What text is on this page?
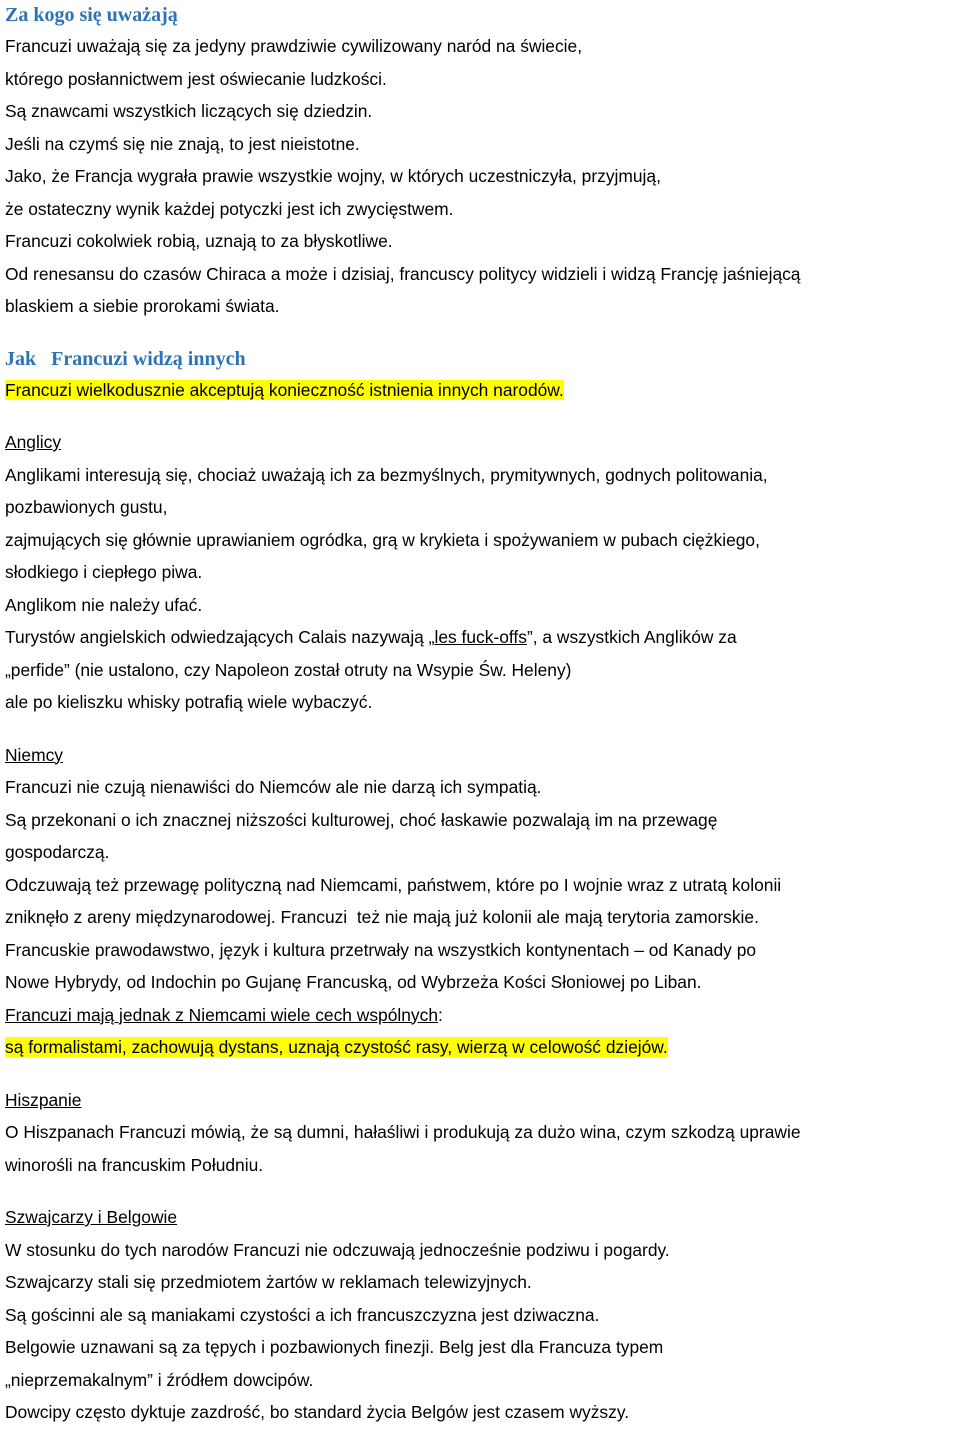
Za kogo się uważają
Francuzi uważają się za jedyny prawdziwie cywilizowany naród na świecie,
którego posłannictwem jest oświecanie ludzkości.
Są znawcami wszystkich liczących się dziedzin.
Jeśli na czymś się nie znają, to jest nieistotne.
Jako, że Francja wygrała prawie wszystkie wojny, w których uczestniczyła, przyjmują,
że ostateczny wynik każdej potyczki jest ich zwycięstwem.
Francuzi cokolwiek robią, uznają to za błyskotliwe.
Od renesansu do czasów Chiraca a może i dzisiaj, francuscy politycy widzieli i widzą Francję jaśniejącą
blaskiem a siebie prorokami świata.
Jak   Francuzi widzą innych
Francuzi wielkodusznie akceptują konieczność istnienia innych narodów.
Anglicy
Anglikami interesują się, chociaż uważają ich za bezmyślnych, prymitywnych, godnych politowania,
pozbawionych gustu,
zajmujących się głównie uprawianiem ogródka, grą w krykieta i spożywaniem w pubach ciężkiego,
słodkiego i ciepłego piwa.
Anglikom nie należy ufać.
Turystów angielskich odwiedzających Calais nazywają „les fuck-offs”, a wszystkich Anglików za
„perfide” (nie ustalono, czy Napoleon został otruty na Wsypie Św. Heleny)
ale po kieliszku whisky potrafią wiele wybaczyć.
Niemcy
Francuzi nie czują nienawiści do Niemców ale nie darzą ich sympatią.
Są przekonani o ich znacznej niższości kulturowej, choć łaskawie pozwalają im na przewagę
gospodarczą.
Odczuwają też przewagę polityczną nad Niemcami, państwem, które po I wojnie wraz z utratą kolonii
zniknęło z areny międzynarodowej. Francuzi  też nie mają już kolonii ale mają terytoria zamorskie.
Francuskie prawodawstwo, język i kultura przetrwały na wszystkich kontynentach – od Kanady po
Nowe Hybrydy, od Indochin po Gujanę Francuską, od Wybrzeża Kości Słoniowej po Liban.
Francuzi mają jednak z Niemcami wiele cech wspólnych:
są formalistami, zachowują dystans, uznają czystość rasy, wierzą w celowość dziejów.
Hiszpanie
O Hiszpanach Francuzi mówią, że są dumni, hałaśliwi i produkują za dużo wina, czym szkodzą uprawie
winorośli na francuskim Południu.
Szwajcarzy i Belgowie
W stosunku do tych narodów Francuzi nie odczuwają jednocześnie podziwu i pogardy.
Szwajcarzy stali się przedmiotem żartów w reklamach telewizyjnych.
Są gościnni ale są maniakami czystości a ich francuszczyzna jest dziwaczna.
Belgowie uznawani są za tępych i pozbawionych finezji. Belg jest dla Francuza typem
„nieprzemakalnym” i źródłem dowcipów.
Dowcipy często dyktuje zazdrość, bo standard życia Belgów jest czasem wyższy.
